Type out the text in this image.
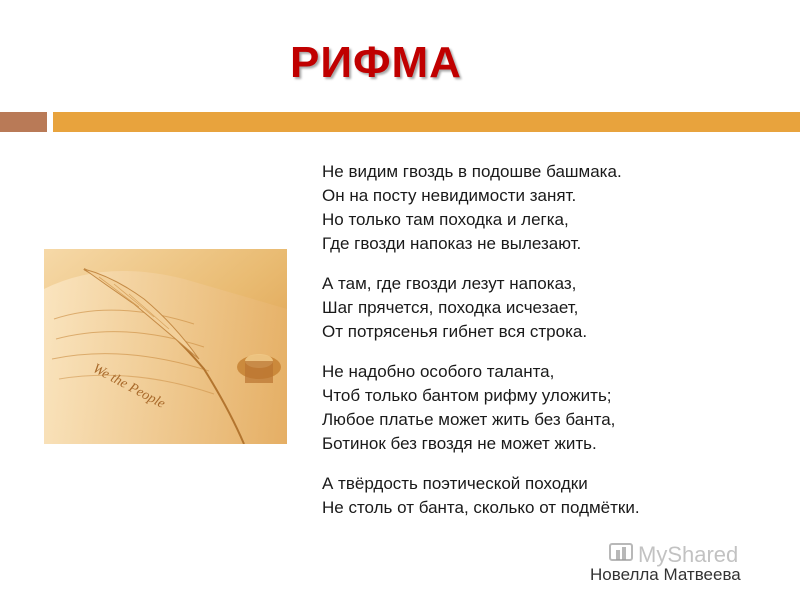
РИФМА
We the People
Не видим гвоздь в подошве башмака.
Он на посту невидимости занят.
Но только там походка и легка,
Где гвозди напоказ не вылезают.
А там, где гвозди лезут напоказ,
Шаг прячется, походка исчезает,
От потрясенья гибнет вся строка.
Не надобно особого таланта,
Чтоб только бантом рифму уложить;
Любое платье может жить без банта,
Ботинок без гвоздя не может жить.
А твёрдость поэтической походки
Не столь от банта, сколько от подмётки.
MyShared
Новелла Матвеева
